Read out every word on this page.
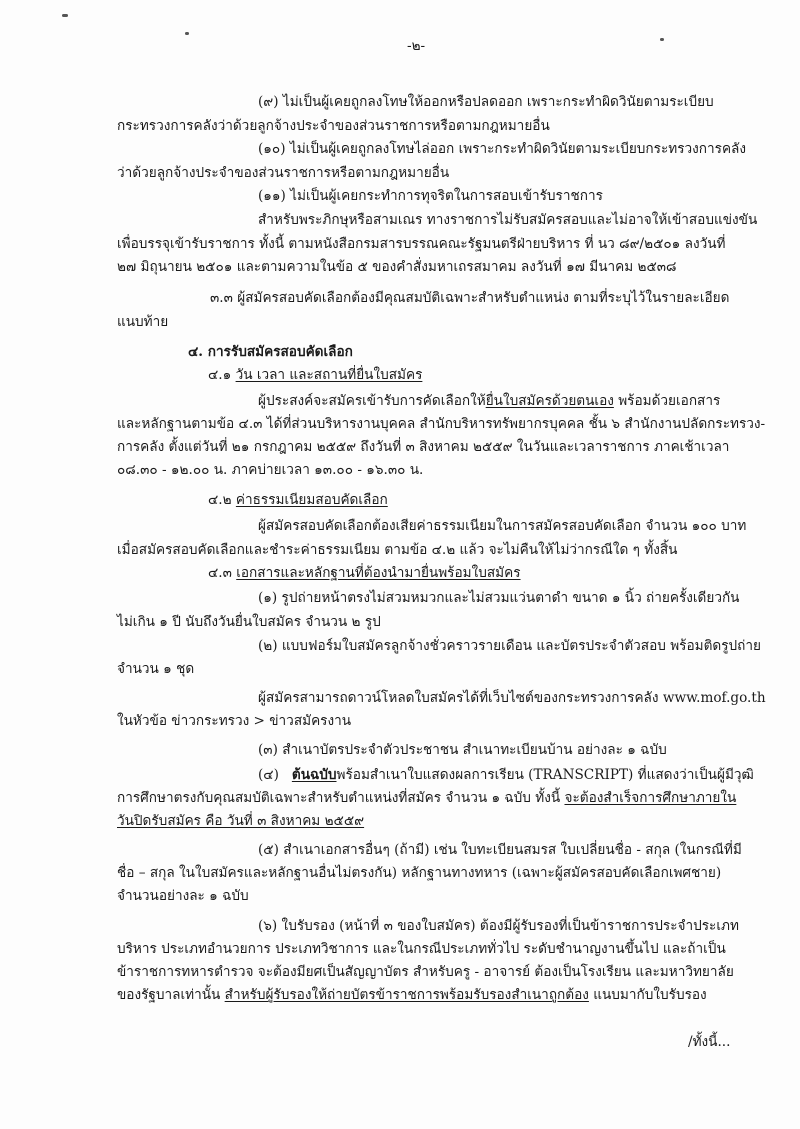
-๒-
(๙) ไม่เป็นผู้เคยถูกลงโทษให้ออกหรือปลดออก เพราะกระทำผิดวินัยตามระเบียบ
กระทรวงการคลังว่าด้วยลูกจ้างประจำของส่วนราชการหรือตามกฎหมายอื่น
(๑๐) ไม่เป็นผู้เคยถูกลงโทษไล่ออก เพราะกระทำผิดวินัยตามระเบียบกระทรวงการคลัง
ว่าด้วยลูกจ้างประจำของส่วนราชการหรือตามกฎหมายอื่น
(๑๑) ไม่เป็นผู้เคยกระทำการทุจริตในการสอบเข้ารับราชการ
สำหรับพระภิกษุหรือสามเณร ทางราชการไม่รับสมัครสอบและไม่อาจให้เข้าสอบแข่งขัน
เพื่อบรรจุเข้ารับราชการ ทั้งนี้ ตามหนังสือกรมสารบรรณคณะรัฐมนตรีฝ่ายบริหาร ที่ นว ๘๙/๒๕๐๑ ลงวันที่
๒๗ มิถุนายน ๒๕๐๑ และตามความในข้อ ๕ ของคำสั่งมหาเถรสมาคม ลงวันที่ ๑๗ มีนาคม ๒๕๓๘
๓.๓ ผู้สมัครสอบคัดเลือกต้องมีคุณสมบัติเฉพาะสำหรับตำแหน่ง ตามที่ระบุไว้ในรายละเอียด
แนบท้าย
๔. การรับสมัครสอบคัดเลือก
๔.๑ วัน เวลา และสถานที่ยื่นใบสมัคร
ผู้ประสงค์จะสมัครเข้ารับการคัดเลือกให้ยื่นใบสมัครด้วยตนเอง พร้อมด้วยเอกสาร
และหลักฐานตามข้อ ๔.๓ ได้ที่ส่วนบริหารงานบุคคล สำนักบริหารทรัพยากรบุคคล ชั้น ๖ สำนักงานปลัดกระทรวง-
การคลัง ตั้งแต่วันที่ ๒๑ กรกฎาคม ๒๕๕๙ ถึงวันที่ ๓ สิงหาคม ๒๕๕๙ ในวันและเวลาราชการ ภาคเช้าเวลา
๐๘.๓๐ - ๑๒.๐๐ น. ภาคบ่ายเวลา ๑๓.๐๐ - ๑๖.๓๐ น.
๔.๒ ค่าธรรมเนียมสอบคัดเลือก
ผู้สมัครสอบคัดเลือกต้องเสียค่าธรรมเนียมในการสมัครสอบคัดเลือก จำนวน ๑๐๐ บาท
เมื่อสมัครสอบคัดเลือกและชำระค่าธรรมเนียม ตามข้อ ๔.๒ แล้ว จะไม่คืนให้ไม่ว่ากรณีใด ๆ ทั้งสิ้น
๔.๓ เอกสารและหลักฐานที่ต้องนำมายื่นพร้อมใบสมัคร
(๑) รูปถ่ายหน้าตรงไม่สวมหมวกและไม่สวมแว่นตาดำ ขนาด ๑ นิ้ว ถ่ายครั้งเดียวกัน
ไม่เกิน ๑ ปี นับถึงวันยื่นใบสมัคร จำนวน ๒ รูป
(๒) แบบฟอร์มใบสมัครลูกจ้างชั่วคราวรายเดือน และบัตรประจำตัวสอบ พร้อมติดรูปถ่าย
จำนวน ๑ ชุด
ผู้สมัครสามารถดาวน์โหลดใบสมัครได้ที่เว็บไซต์ของกระทรวงการคลัง www.mof.go.th
ในหัวข้อ ข่าวกระทรวง > ข่าวสมัครงาน
(๓) สำเนาบัตรประจำตัวประชาชน สำเนาทะเบียนบ้าน อย่างละ ๑ ฉบับ
(๔) ต้นฉบับพร้อมสำเนาใบแสดงผลการเรียน (TRANSCRIPT) ที่แสดงว่าเป็นผู้มีวุฒิ
การศึกษาตรงกับคุณสมบัติเฉพาะสำหรับตำแหน่งที่สมัคร จำนวน ๑ ฉบับ ทั้งนี้ จะต้องสำเร็จการศึกษาภายใน
วันปิดรับสมัคร คือ วันที่ ๓ สิงหาคม ๒๕๕๙
(๕) สำเนาเอกสารอื่นๆ (ถ้ามี) เช่น ใบทะเบียนสมรส ใบเปลี่ยนชื่อ - สกุล (ในกรณีที่มี
ชื่อ – สกุล ในใบสมัครและหลักฐานอื่นไม่ตรงกัน) หลักฐานทางทหาร (เฉพาะผู้สมัครสอบคัดเลือกเพศชาย)
จำนวนอย่างละ ๑ ฉบับ
(๖) ใบรับรอง (หน้าที่ ๓ ของใบสมัคร) ต้องมีผู้รับรองที่เป็นข้าราชการประจำประเภท
บริหาร ประเภทอำนวยการ ประเภทวิชาการ และในกรณีประเภททั่วไป ระดับชำนาญงานขึ้นไป และถ้าเป็น
ข้าราชการทหารตำรวจ จะต้องมียศเป็นสัญญาบัตร สำหรับครู - อาจารย์ ต้องเป็นโรงเรียน และมหาวิทยาลัย
ของรัฐบาลเท่านั้น สำหรับผู้รับรองให้ถ่ายบัตรข้าราชการพร้อมรับรองสำเนาถูกต้อง แนบมากับใบรับรอง
/ทั้งนี้...
